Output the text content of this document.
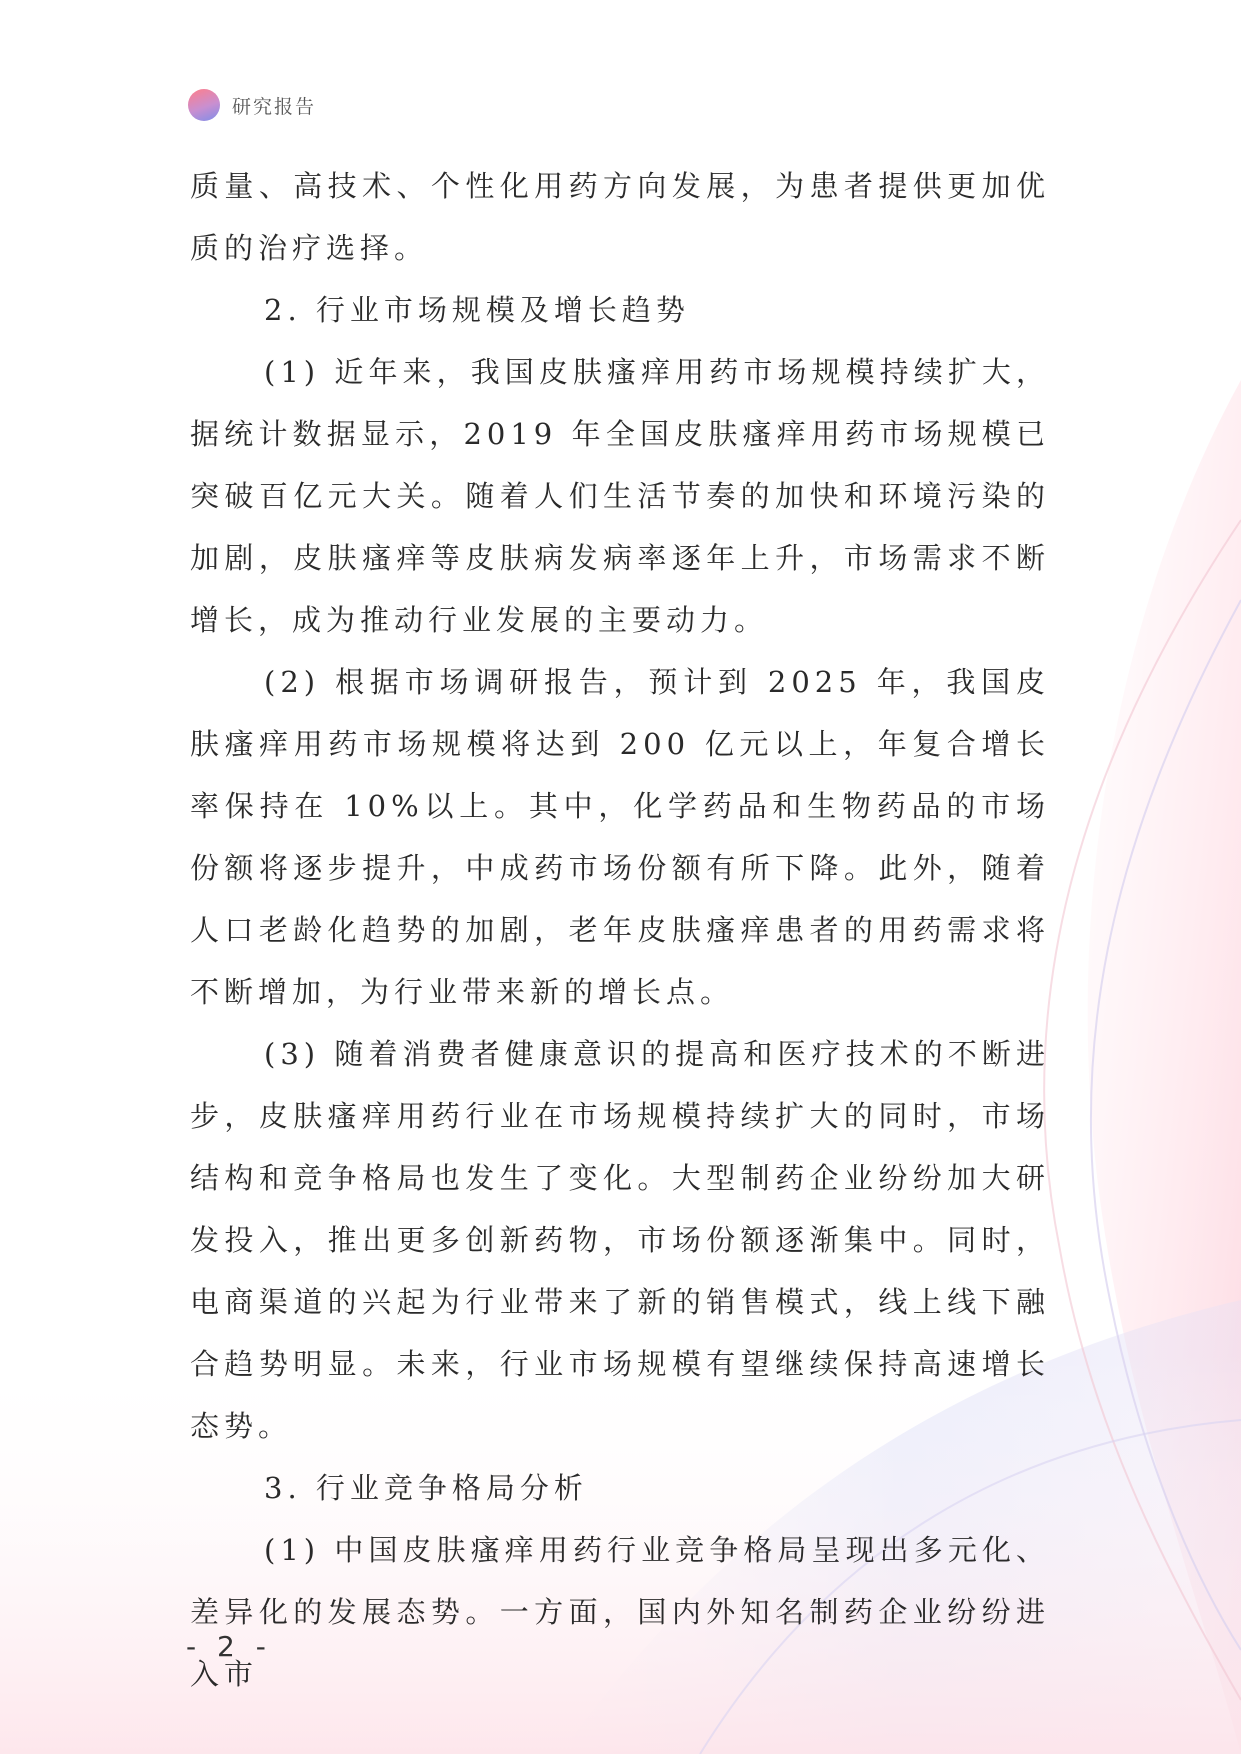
研究报告

质量、高技术、个性化用药方向发展，为患者提供更加优质的治疗选择。

2. 行业市场规模及增长趋势

(1) 近年来，我国皮肤瘙痒用药市场规模持续扩大，据统计数据显示，2019 年全国皮肤瘙痒用药市场规模已突破百亿元大关。随着人们生活节奏的加快和环境污染的加剧，皮肤瘙痒等皮肤病发病率逐年上升，市场需求不断增长，成为推动行业发展的主要动力。

(2) 根据市场调研报告，预计到 2025 年，我国皮肤瘙痒用药市场规模将达到 200 亿元以上，年复合增长率保持在 10%以上。其中，化学药品和生物药品的市场份额将逐步提升，中成药市场份额有所下降。此外，随着人口老龄化趋势的加剧，老年皮肤瘙痒患者的用药需求将不断增加，为行业带来新的增长点。

(3) 随着消费者健康意识的提高和医疗技术的不断进步，皮肤瘙痒用药行业在市场规模持续扩大的同时，市场结构和竞争格局也发生了变化。大型制药企业纷纷加大研发投入，推出更多创新药物，市场份额逐渐集中。同时，电商渠道的兴起为行业带来了新的销售模式，线上线下融合趋势明显。未来，行业市场规模有望继续保持高速增长态势。

3. 行业竞争格局分析

(1) 中国皮肤瘙痒用药行业竞争格局呈现出多元化、差异化的发展态势。一方面，国内外知名制药企业纷纷进入市

- 2 -
